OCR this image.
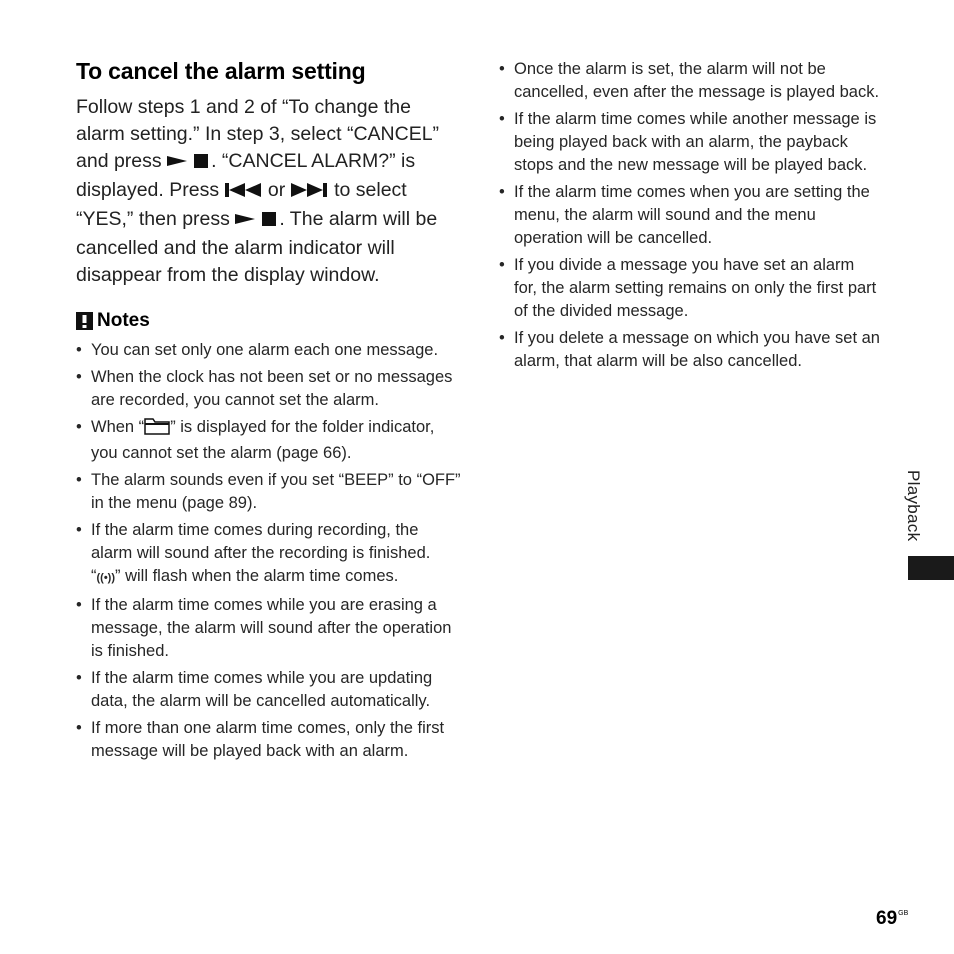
To cancel the alarm setting

Follow steps 1 and 2 of “To change the alarm setting.” In step 3, select “CANCEL” and press . “CANCEL ALARM?” is displayed. Press  or  to select “YES,” then press . The alarm will be cancelled and the alarm indicator will disappear from the display window.

Notes
• You can set only one alarm each one message.
• When the clock has not been set or no messages are recorded, you cannot set the alarm.
• When “ ” is displayed for the folder indicator, you cannot set the alarm (page 66).
• The alarm sounds even if you set “BEEP” to “OFF” in the menu (page 89).
• If the alarm time comes during recording, the alarm will sound after the recording is finished. “((•))” will flash when the alarm time comes.
• If the alarm time comes while you are erasing a message, the alarm will sound after the operation is finished.
• If the alarm time comes while you are updating data, the alarm will be cancelled automatically.
• If more than one alarm time comes, only the first message will be played back with an alarm.
• Once the alarm is set, the alarm will not be cancelled, even after the message is played back.
• If the alarm time comes while another message is being played back with an alarm, the payback stops and the new message will be played back.
• If the alarm time comes when you are setting the menu, the alarm will sound and the menu operation will be cancelled.
• If you divide a message you have set an alarm for, the alarm setting remains on only the first part of the divided message.
• If you delete a message on which you have set an alarm, that alarm will be also cancelled.
Playback
$69^{GB}$
